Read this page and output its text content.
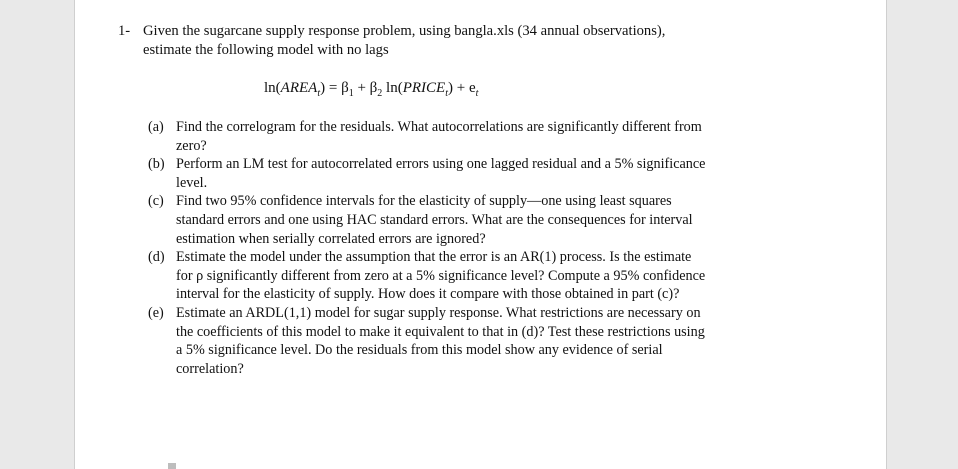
1- Given the sugarcane supply response problem, using bangla.xls (34 annual observations), estimate the following model with no lags
$\ln(AREA_t) = \beta_1 + \beta_2$ $\ln(PRICE_t) + e_t$
(a) Find the correlogram for the residuals. What autocorrelations are significantly different from zero?
(b) Perform an LM test for autocorrelated errors using one lagged residual and a 5% significance level.
(c) Find two 95% confidence intervals for the elasticity of supply—one using least squares standard errors and one using HAC standard errors. What are the consequences for interval estimation when serially correlated errors are ignored?
(d) Estimate the model under the assumption that the error is an AR(1) process. Is the estimate for ρ significantly different from zero at a 5% significance level? Compute a 95% confidence interval for the elasticity of supply. How does it compare with those obtained in part (c)?
(e) Estimate an ARDL(1,1) model for sugar supply response. What restrictions are necessary on the coefficients of this model to make it equivalent to that in (d)? Test these restrictions using a 5% significance level. Do the residuals from this model show any evidence of serial correlation?
